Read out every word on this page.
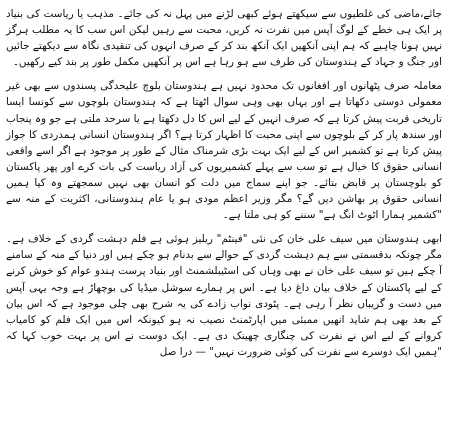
جائے،ماضی کی غلطیوں سے سیکھتے ہوئے کبھی لڑنے میں پہل نہ کی جائے۔ مذہب یا ریاست کی بنیاد پر ایک ہی خطے کے لوگ آپس میں نفرت نہ کریں، محبت سے رہیں لیکن اس سب کا یہ مطلب ہرگز نہیں ہونا چاہیے کہ ہم اپنی آنکھیں ایک آنکھ بند کر کے صرف انہوں کی تنقیدی نگاہ سے دیکھتے جائیں اور جنگ و جہاد کے ہندوستان کی طرف سے ہو رہا ہے اس پر آنکھیں مکمل طور پر بند کیے رکھیں۔

معاملہ صرف پٹھانوں اور افغانوں تک محدود نہیں ہے ہندوستان بلوچ علیحدگی پسندوں سے بھی غیر معمولی دوستی دکھاتا ہے اور یہاں بھی وہی سوال اٹھتا ہے کہ ہندوستان بلوچوں سے کونسا ایسا تاریخی قربت پیش کرتا ہے کہ صرف انہیں کے لیے اس کا دل دکھتا ہے یا سرحد ملتی ہے جو وہ پنجاب اور سندھ پار کر کے بلوچوں سے اپنی محبت کا اظہار کرتا ہے؟ اگر ہندوستان انسانی ہمدردی کا جواز پیش کرتا ہے تو کشمیر اس کے لیے ایک بہت بڑی شرمناک مثال کے طور پر موجود ہے اگر اسے واقعی انسانی حقوق کا خیال ہے تو سب سے پہلے کشمیریوں کی آزاد ریاست کی بات کرے اور پھر پاکستان کو بلوچستان پر قابض بتائے۔ جو اپنے سماج میں دلت کو انسان بھی نہیں سمجھتے وہ کیا ہمیں انسانی حقوق پر بھاشن دیں گے؟ مگر وزیر اعظم مودی ہو یا عام ہندوستانی، اکثریت کے منہ سے "کشمیر ہمارا اٹوٹ انگ ہے" سننے کو ہی ملتا ہے۔

ابھی ہندوستان میں سیف علی خان کی نئی "فینٹم" ریلیز ہوئی ہے فلم دہشت گردی کے خلاف ہے۔ مگر چونکہ بدقسمتی سے ہم دہشت گردی کے حوالے سے بدنام ہو چکے ہیں اور دنیا کے منہ کے سامنے آ چکے ہیں تو سیف علی خان نے بھی وہاں کی اسٹیبلشمنٹ اور بنیاد پرست ہندو عوام کو خوش کرنے کے لیے پاکستان کے خلاف بیان داغ دیا ہے۔ اس پر ہمارے سوشل میڈیا کی بوچھاڑ ہے وجہ یہی آپس میں دست و گریباں نظر آ رہی ہے۔ پٹودی نواب زادے کی یہ شرح بھی چلی موجود ہے کہ اس بیان کے بعد بھی ہم شاید انھیں ممبئی میں اپارٹمنٹ نصیب نہ ہو کیونکہ اس میں ایک فلم کو کامیاب کروانے کے لیے اس نے نفرت کی چنگاری چھینک دی ہے۔ ایک دوست نے اس پر بہت خوب کہا کہ "ہمیں ایک دوسرے سے نفرت کی کوئی ضرورت نہیں" — درا صل
